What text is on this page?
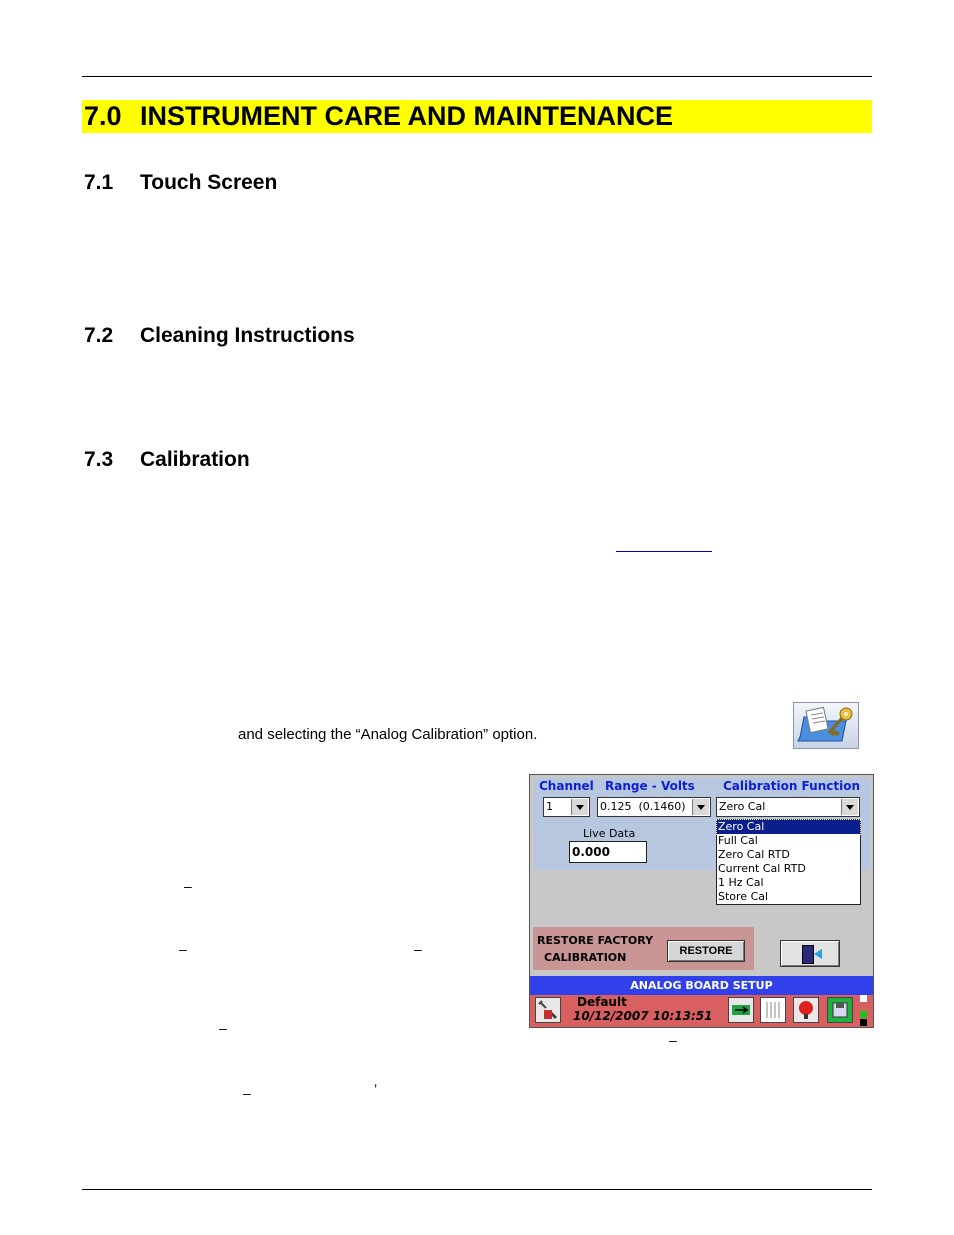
7.0 INSTRUMENT CARE AND MAINTENANCE
7.1 Touch Screen
7.2 Cleaning Instructions
7.3 Calibration
and selecting the “Analog Calibration” option.
–
–	–
–
–
–	’
Channel Range - Volts Calibration Function
1	0.125  (0.1460)	Zero Cal
Live Data
0.000
Zero Cal
Full Cal
Zero Cal RTD
Current Cal RTD
1 Hz Cal
Store Cal
RESTORE FACTORY
CALIBRATION	RESTORE
ANALOG BOARD SETUP
Default
10/12/2007 10:13:51
